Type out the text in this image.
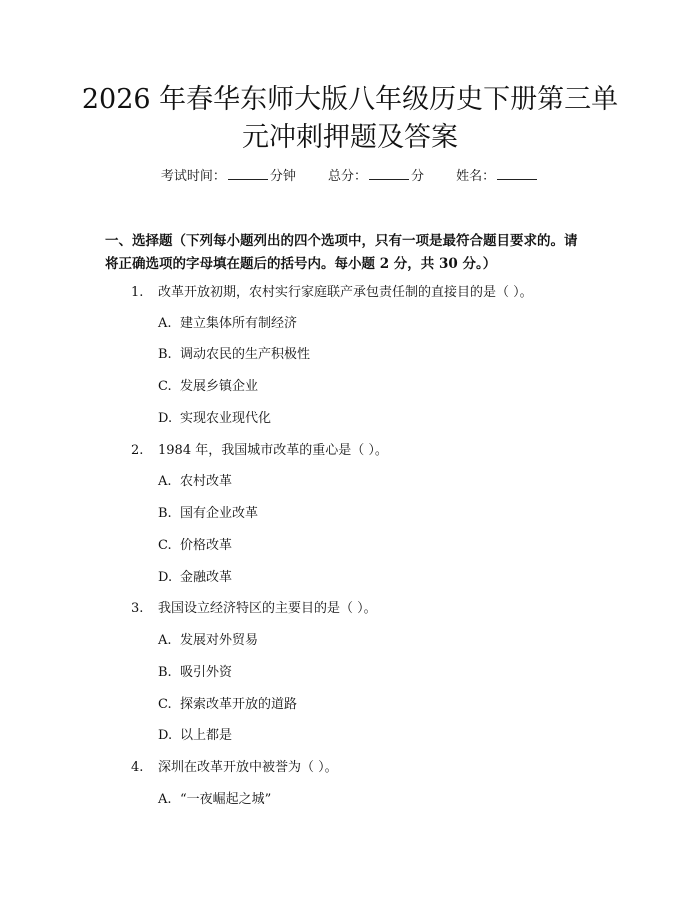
2026 年春华东师大版八年级历史下册第三单
元冲刺押题及答案
考试时间：	分钟 总分：	分 姓名：
一、选择题（下列每小题列出的四个选项中，只有一项是最符合题目要求的。请
将正确选项的字母填在题后的括号内。每小题 2 分，共 30 分。）
1. 改革开放初期，农村实行家庭联产承包责任制的直接目的是（ ）。
A. 建立集体所有制经济
B. 调动农民的生产积极性
C. 发展乡镇企业
D. 实现农业现代化
2. 1984 年，我国城市改革的重心是（ ）。
A. 农村改革
B. 国有企业改革
C. 价格改革
D. 金融改革
3. 我国设立经济特区的主要目的是（ ）。
A. 发展对外贸易
B. 吸引外资
C. 探索改革开放的道路
D. 以上都是
4. 深圳在改革开放中被誉为（ ）。
A. “一夜崛起之城”
